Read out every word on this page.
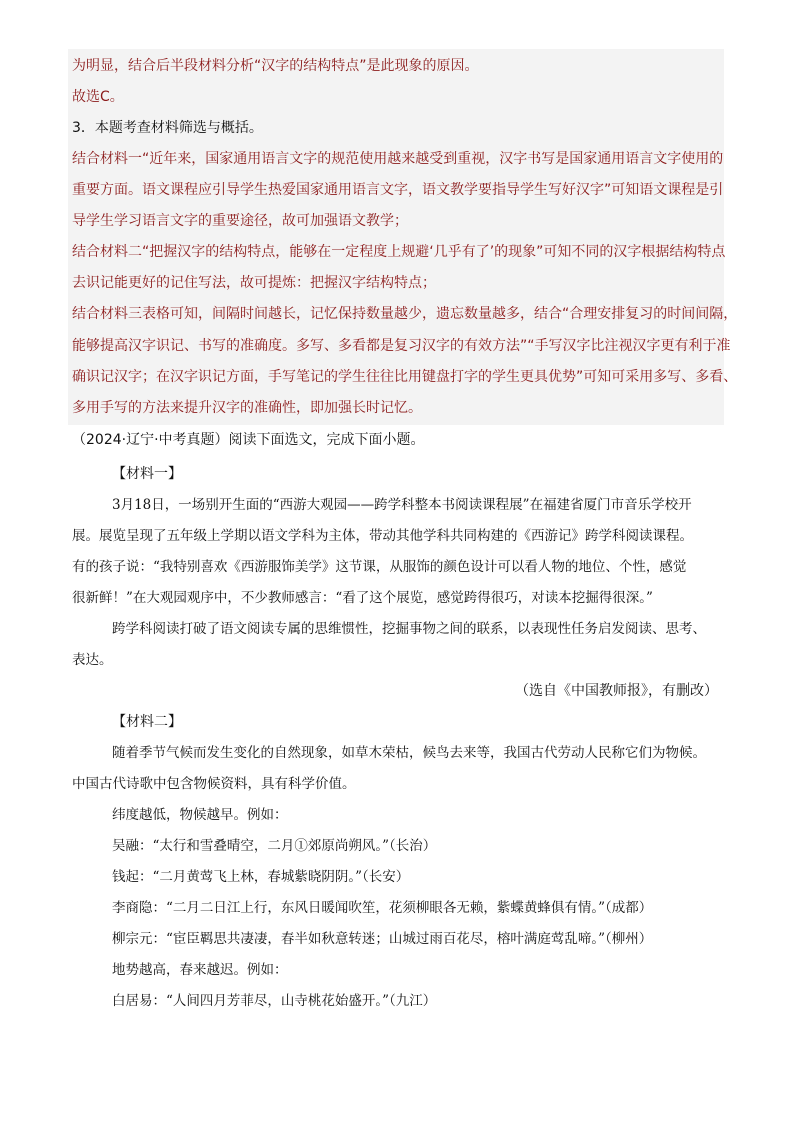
为明显，结合后半段材料分析“汉字的结构特点”是此现象的原因。
故选C。
3．本题考查材料筛选与概括。
结合材料一“近年来，国家通用语言文字的规范使用越来越受到重视，汉字书写是国家通用语言文字使用的
重要方面。语文课程应引导学生热爱国家通用语言文字，语文教学要指导学生写好汉字”可知语文课程是引
导学生学习语言文字的重要途径，故可加强语文教学；
结合材料二“把握汉字的结构特点，能够在一定程度上规避‘几乎有了’的现象”可知不同的汉字根据结构特点
去识记能更好的记住写法，故可提炼：把握汉字结构特点；
结合材料三表格可知，间隔时间越长，记忆保持数量越少，遗忘数量越多，结合“合理安排复习的时间间隔，
能够提高汉字识记、书写的准确度。多写、多看都是复习汉字的有效方法”“手写汉字比注视汉字更有利于准
确识记汉字；在汉字识记方面，手写笔记的学生往往比用键盘打字的学生更具优势”可知可采用多写、多看、
多用手写的方法来提升汉字的准确性，即加强长时记忆。
（2024·辽宁·中考真题）阅读下面选文，完成下面小题。
【材料一】
3月18日，一场别开生面的“西游大观园——跨学科整本书阅读课程展”在福建省厦门市音乐学校开
展。展览呈现了五年级上学期以语文学科为主体，带动其他学科共同构建的《西游记》跨学科阅读课程。
有的孩子说：“我特别喜欢《西游服饰美学》这节课，从服饰的颜色设计可以看人物的地位、个性，感觉
很新鲜！”在大观园观序中，不少教师感言：“看了这个展览，感觉跨得很巧，对读本挖掘得很深。”
跨学科阅读打破了语文阅读专属的思维惯性，挖掘事物之间的联系，以表现性任务启发阅读、思考、
表达。
（选自《中国教师报》，有删改）
【材料二】
随着季节气候而发生变化的自然现象，如草木荣枯，候鸟去来等，我国古代劳动人民称它们为物候。
中国古代诗歌中包含物候资料，具有科学价值。
纬度越低，物候越早。例如：
吴融：“太行和雪叠晴空，二月①郊原尚朔风。”（长治）
钱起：“二月黄莺飞上林，春城紫晓阴阴。”（长安）
李商隐：“二月二日江上行，东风日暖闻吹笙，花须柳眼各无赖，紫蝶黄蜂俱有情。”（成都）
柳宗元：“宦臣羁思共凄凄，春半如秋意转迷；山城过雨百花尽，榕叶满庭莺乱啼。”（柳州）
地势越高，春来越迟。例如：
白居易：“人间四月芳菲尽，山寺桃花始盛开。”（九江）
